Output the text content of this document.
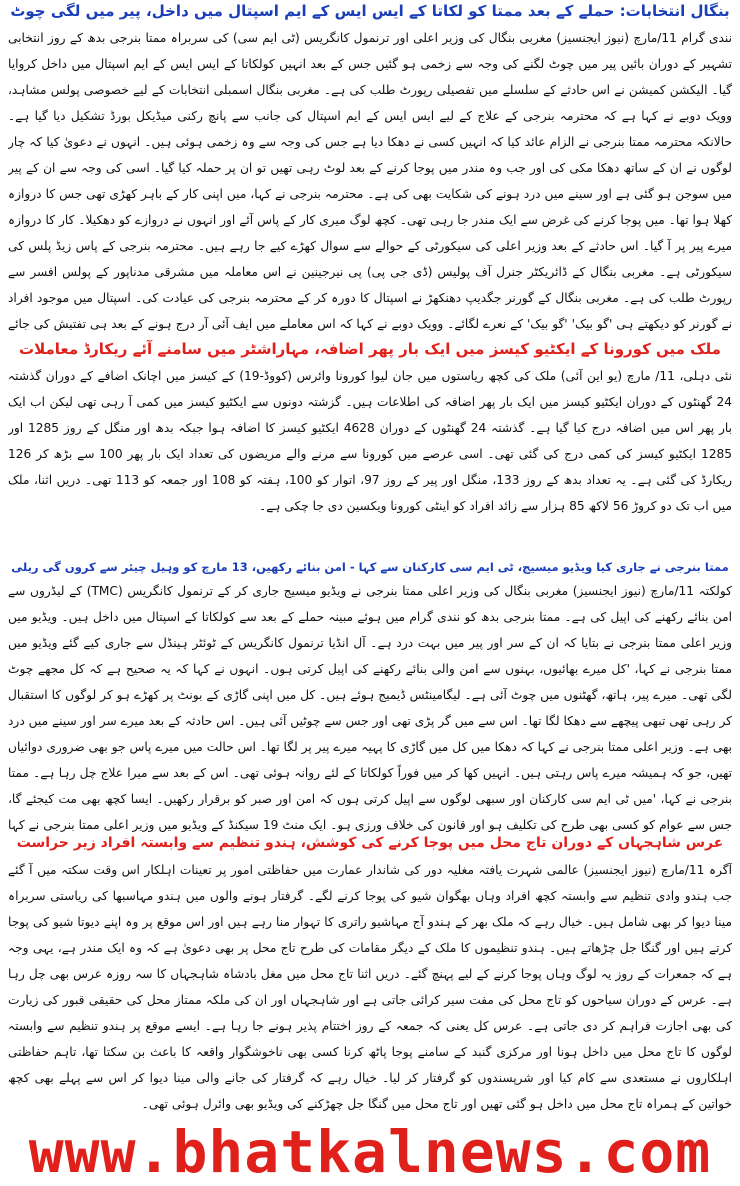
بنگال انتخابات: حملے کے بعد ممتا کو لکاتا کے ایس ایس کے ایم اسپتال میں داخل، پیر میں لگی چوٹ

نندی گرام 11/مارچ (نیوز ایجنسیز) مغربی بنگال کی وزیر اعلی اور ترنمول کانگریس (ٹی ایم سی) کی سربراہ ممتا بنرجی بدھ کے روز انتخابی تشہیر کے دوران بائیں پیر میں چوٹ لگنے کی وجہ سے زخمی ہو گئیں جس کے بعد انہیں کولکاتا کے ایس ایس کے ایم اسپتال میں داخل کروایا گیا۔ الیکشن کمیشن نے اس حادثے کے سلسلے میں تفصیلی رپورٹ طلب کی ہے۔ مغربی بنگال اسمبلی انتخابات کے لیے خصوصی پولس مشاہد، وویک دوبے نے کہا ہے کہ محترمہ بنرجی کے علاج کے لیے ایس ایس کے ایم اسپتال کی جانب سے پانچ رکنی میڈیکل بورڈ تشکیل دیا گیا ہے۔ حالانکہ محترمہ ممتا بنرجی نے الزام عائد کیا کہ انہیں کسی نے دھکا دیا ہے جس کی وجہ سے وہ زخمی ہوئی ہیں۔ انہوں نے دعویٰ کیا کہ چار لوگوں نے ان کے ساتھ دھکا مکی کی اور جب وہ مندر میں پوجا کرنے کے بعد لوٹ رہی تھیں تو ان پر حملہ کیا گیا۔ اسی کی وجہ سے ان کے پیر میں سوجن ہو گئی ہے اور سینے میں درد ہونے کی شکایت بھی کی ہے۔ محترمہ بنرجی نے کہا، میں اپنی کار کے باہر کھڑی تھی جس کا دروازہ کھلا ہوا تھا۔ میں پوجا کرنے کی غرض سے ایک مندر جا رہی تھی۔ کچھ لوگ میری کار کے پاس آئے اور انہوں نے دروازے کو دھکیلا۔ کار کا دروازہ میرے پیر پر آ گیا۔ اس حادثے کے بعد وزیر اعلی کی سیکورٹی کے حوالے سے سوال کھڑے کیے جا رہے ہیں۔ محترمہ بنرجی کے پاس زیڈ پلس کی سیکورٹی ہے۔ مغربی بنگال کے ڈائریکٹر جنرل آف پولیس (ڈی جی پی) پی نیرجینین نے اس معاملہ میں مشرقی مدناپور کے پولس افسر سے رپورٹ طلب کی ہے۔ مغربی بنگال کے گورنر جگدیپ دھنکھڑ نے اسپتال کا دورہ کر کے محترمہ بنرجی کی عیادت کی۔ اسپتال میں موجود افراد نے گورنر کو دیکھتے ہی 'گو بیک' 'گو بیک' کے نعرے لگائے۔ وویک دوبے نے کہا کہ اس معاملے میں ایف آئی آر درج ہونے کے بعد ہی تفتیش کی جائے

ملک میں کورونا کے ایکٹیو کیسز میں ایک بار پھر اضافہ، مہاراشٹر میں سامنے آئے ریکارڈ معاملات

نئی دہلی، 11/ مارچ (یو این آئی) ملک کی کچھ ریاستوں میں جان لیوا کورونا وائرس (کووڈ-19) کے کیسز میں اچانک اضافے کے دوران گذشتہ 24 گھنٹوں کے دوران ایکٹیو کیسز میں ایک بار پھر اضافہ کی اطلاعات ہیں۔ گزشتہ دونوں سے ایکٹیو کیسز میں کمی آ رہی تھی لیکن اب ایک بار پھر اس میں اضافہ درج کیا گیا ہے۔ گذشتہ 24 گھنٹوں کے دوران 4628 ایکٹیو کیسز کا اضافہ ہوا جبکہ بدھ اور منگل کے روز 1285 اور 1285 ایکٹیو کیسز کی کمی درج کی گئی تھی۔ اسی عرصے میں کورونا سے مرنے والے مریضوں کی تعداد ایک بار پھر 100 سے بڑھ کر 126 ریکارڈ کی گئی ہے۔ یہ تعداد بدھ کے روز 133، منگل اور پیر کے روز 97، اتوار کو 100، ہفتہ کو 108 اور جمعہ کو 113 تھی۔ دریں اثنا، ملک میں اب تک دو کروڑ 56 لاکھ 85 ہزار سے زائد افراد کو اینٹی کورونا ویکسین دی جا چکی ہے۔

ممتا بنرجی نے جاری کیا ویڈیو میسیج، ٹی ایم سی کارکنان سے کہا - امن بنائے رکھیں، 13 مارچ کو وہیل چیئر سے کروں گی ریلی

کولکتہ 11/مارچ (نیوز ایجنسیز) مغربی بنگال کی وزیر اعلی ممتا بنرجی نے ویڈیو میسیج جاری کر کے ترنمول کانگریس (TMC) کے لیڈروں سے امن بنائے رکھنے کی اپیل کی ہے۔ ممتا بنرجی بدھ کو نندی گرام میں ہوئے مبینہ حملے کے بعد سے کولکاتا کے اسپتال میں داخل ہیں۔ ویڈیو میں وزیر اعلی ممتا بنرجی نے بتایا کہ ان کے سر اور پیر میں بہت درد ہے۔ آل انڈیا ترنمول کانگریس کے ٹوئٹر ہینڈل سے جاری کیے گئے ویڈیو میں ممتا بنرجی نے کہا، 'کل میرے بھائیوں، بہنوں سے امن والی بنائے رکھنے کی اپیل کرتی ہوں۔ انہوں نے کہا کہ یہ صحیح ہے کہ کل مجھے چوٹ لگی تھی۔ میرے پیر، ہاتھ، گھٹنوں میں چوٹ آئی ہے۔ لیگامینٹس ڈیمیج ہوئے ہیں۔ کل میں اپنی گاڑی کے بونٹ پر کھڑے ہو کر لوگوں کا استقبال کر رہی تھی تبھی پیچھے سے دھکا لگا تھا۔ اس سے میں گر پڑی تھی اور جس سے چوٹیں آئی ہیں۔ اس حادثہ کے بعد میرے سر اور سینے میں درد بھی ہے۔ وزیر اعلی ممتا بنرجی نے کہا کہ دھکا میں کل میں گاڑی کا پہیہ میرے پیر پر لگا تھا۔ اس حالت میں میرے پاس جو بھی ضروری دوائیاں تھیں، جو کہ ہمیشہ میرے پاس رہتی ہیں۔ انہیں کھا کر میں فوراً کولکاتا کے لئے روانہ ہوئی تھی۔ اس کے بعد سے میرا علاج چل رہا ہے۔ ممتا بنرجی نے کہا، 'میں ٹی ایم سی کارکنان اور سبھی لوگوں سے اپیل کرتی ہوں کہ امن اور صبر کو برقرار رکھیں۔ ایسا کچھ بھی مت کیجئے گا، جس سے عوام کو کسی بھی طرح کی تکلیف ہو اور قانون کی خلاف ورزی ہو۔ ایک منٹ 19 سیکنڈ کے ویڈیو میں وزیر اعلی ممتا بنرجی نے کہا

عرس شاہجہاں کے دوران تاج محل میں پوجا کرنے کی کوشش، ہندو تنظیم سے وابستہ افراد زیر حراست

آگرہ 11/مارچ (نیوز ایجنسیز) عالمی شہرت یافتہ مغلیہ دور کی شاندار عمارت میں حفاظتی امور پر تعینات اہلکار اس وقت سکتہ میں آ گئے جب ہندو وادی تنظیم سے وابستہ کچھ افراد وہاں بھگوان شیو کی پوجا کرنے لگے۔ گرفتار ہونے والوں میں ہندو مہاسبھا کی ریاستی سربراہ مینا دیوا کر بھی شامل ہیں۔ خیال رہے کہ ملک بھر کے ہندو آج مہاشیو راتری کا تہوار منا رہے ہیں اور اس موقع پر وہ اپنے دیوتا شیو کی پوجا کرتے ہیں اور گنگا جل چڑھاتے ہیں۔ ہندو تنظیموں کا ملک کے دیگر مقامات کی طرح تاج محل پر بھی دعویٰ ہے کہ وہ ایک مندر ہے، یہی وجہ ہے کہ جمعرات کے روز یہ لوگ وہاں پوجا کرنے کے لیے پہنچ گئے۔ دریں اثنا تاج محل میں مغل بادشاہ شاہجہاں کا سہ روزہ عرس بھی چل رہا ہے۔ عرس کے دوران سیاحوں کو تاج محل کی مفت سیر کرائی جاتی ہے اور شاہجہاں اور ان کی ملکہ ممتاز محل کی حقیقی قبور کی زیارت کی بھی اجازت فراہم کر دی جاتی ہے۔ عرس کل یعنی کہ جمعہ کے روز اختتام پذیر ہونے جا رہا ہے۔ ایسے موقع پر ہندو تنظیم سے وابستہ لوگوں کا تاج محل میں داخل ہونا اور مرکزی گنبد کے سامنے پوجا پاٹھ کرنا کسی بھی ناخوشگوار واقعہ کا باعث بن سکتا تھا، تاہم حفاظتی اہلکاروں نے مستعدی سے کام کیا اور شرپسندوں کو گرفتار کر لیا۔ خیال رہے کہ گرفتار کی جانے والی مینا دیوا کر اس سے پہلے بھی کچھ خواتین کے ہمراہ تاج محل میں داخل ہو گئی تھیں اور تاج محل میں گنگا جل چھڑکنے کی ویڈیو بھی وائرل ہوئی تھی۔

www.bhatkalnews.com
